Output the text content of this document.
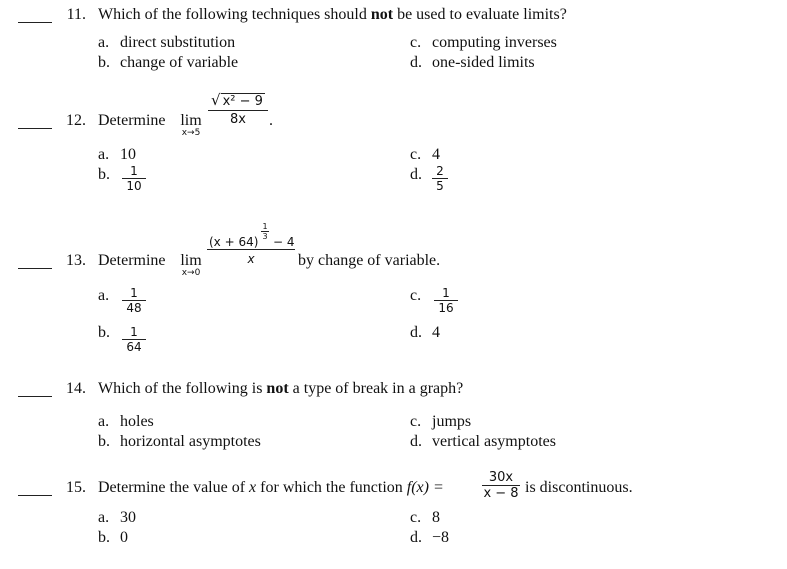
11. Which of the following techniques should not be used to evaluate limits?
a. direct substitution
b. change of variable
c. computing inverses
d. one-sided limits
12. Determine lim
x→5
√ x² − 9
8x	.
a. 10
b.	1
10
c. 4
d.	2
5
13. Determine lim
x→0
(x + 64)
1
3 − 4
x	by change of variable.
a.	1
48
b.	1
64
c.	1
16
d. 4
14. Which of the following is not a type of break in a graph?
a. holes
b. horizontal asymptotes
c. jumps
d. vertical asymptotes
15. Determine the value of x for which the function f(x) =
30x
x − 8 is discontinuous.
a. 30
b. 0
c. 8
d. −8
